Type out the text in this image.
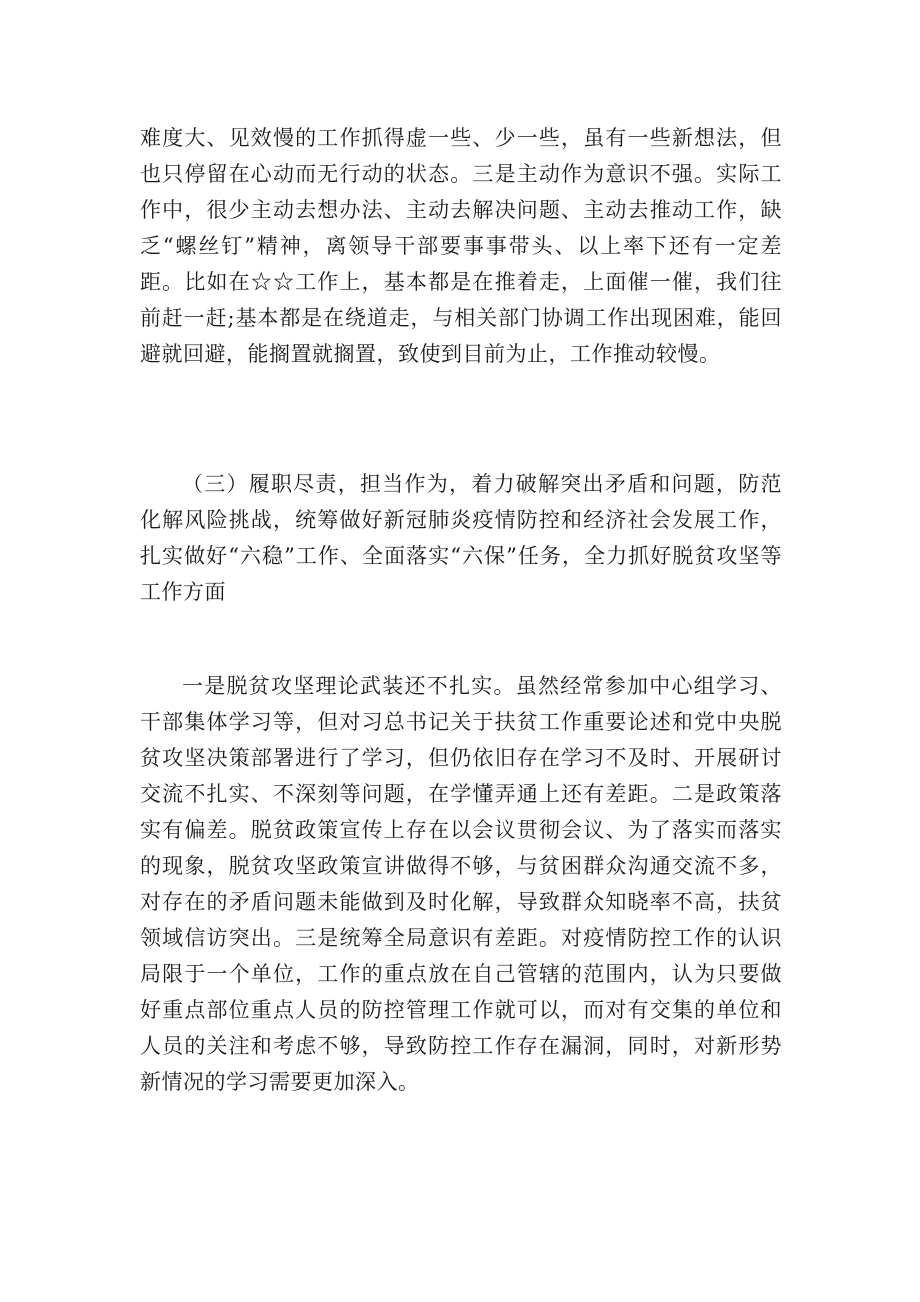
难度大、见效慢的工作抓得虚一些、少一些，虽有一些新想法，但也只停留在心动而无行动的状态。三是主动作为意识不强。实际工作中，很少主动去想办法、主动去解决问题、主动去推动工作，缺乏“螺丝钉”精神，离领导干部要事事带头、以上率下还有一定差距。比如在☆☆工作上，基本都是在推着走，上面催一催，我们往前赶一赶;基本都是在绕道走，与相关部门协调工作出现困难，能回避就回避，能搁置就搁置，致使到目前为止，工作推动较慢。

（三）履职尽责，担当作为，着力破解突出矛盾和问题，防范化解风险挑战，统筹做好新冠肺炎疫情防控和经济社会发展工作，扎实做好“六稳”工作、全面落实“六保”任务，全力抓好脱贫攻坚等工作方面

一是脱贫攻坚理论武装还不扎实。虽然经常参加中心组学习、干部集体学习等，但对习总书记关于扶贫工作重要论述和党中央脱贫攻坚决策部署进行了学习，但仍依旧存在学习不及时、开展研讨交流不扎实、不深刻等问题，在学懂弄通上还有差距。二是政策落实有偏差。脱贫政策宣传上存在以会议贯彻会议、为了落实而落实的现象，脱贫攻坚政策宣讲做得不够，与贫困群众沟通交流不多，对存在的矛盾问题未能做到及时化解，导致群众知晓率不高，扶贫领域信访突出。三是统筹全局意识有差距。对疫情防控工作的认识局限于一个单位，工作的重点放在自己管辖的范围内，认为只要做好重点部位重点人员的防控管理工作就可以，而对有交集的单位和人员的关注和考虑不够，导致防控工作存在漏洞，同时，对新形势新情况的学习需要更加深入。
